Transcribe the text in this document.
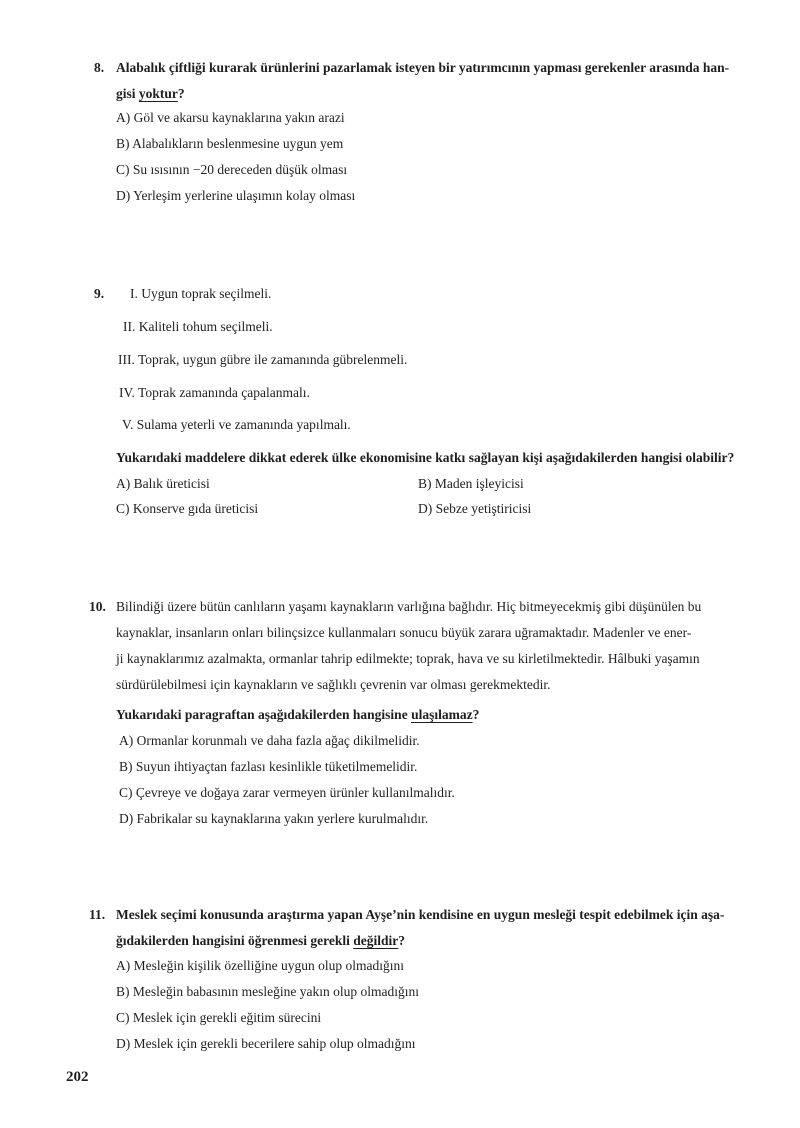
8. Alabalık çiftliği kurarak ürünlerini pazarlamak isteyen bir yatırımcının yapması gerekenler arasında han-
gisi yoktur?
A) Göl ve akarsu kaynaklarına yakın arazi
B) Alabalıkların beslenmesine uygun yem
C) Su ısısının −20 dereceden düşük olması
D) Yerleşim yerlerine ulaşımın kolay olması
9. I. Uygun toprak seçilmeli.
II. Kaliteli tohum seçilmeli.
III. Toprak, uygun gübre ile zamanında gübrelenmeli.
IV. Toprak zamanında çapalanmalı.
V. Sulama yeterli ve zamanında yapılmalı.
Yukarıdaki maddelere dikkat ederek ülke ekonomisine katkı sağlayan kişi aşağıdakilerden hangisi olabilir?
A) Balık üreticisi	B) Maden işleyicisi
C) Konserve gıda üreticisi	D) Sebze yetiştiricisi
10. Bilindiği üzere bütün canlıların yaşamı kaynakların varlığına bağlıdır. Hiç bitmeyecekmiş gibi düşünülen bu
kaynaklar, insanların onları bilinçsizce kullanmaları sonucu büyük zarara uğramaktadır. Madenler ve ener-
ji kaynaklarımız azalmakta, ormanlar tahrip edilmekte; toprak, hava ve su kirletilmektedir. Hâlbuki yaşamın
sürdürülebilmesi için kaynakların ve sağlıklı çevrenin var olması gerekmektedir.
Yukarıdaki paragraftan aşağıdakilerden hangisine ulaşılamaz?
A) Ormanlar korunmalı ve daha fazla ağaç dikilmelidir.
B) Suyun ihtiyaçtan fazlası kesinlikle tüketilmemelidir.
C) Çevreye ve doğaya zarar vermeyen ürünler kullanılmalıdır.
D) Fabrikalar su kaynaklarına yakın yerlere kurulmalıdır.
11. Meslek seçimi konusunda araştırma yapan Ayşe’nin kendisine en uygun mesleği tespit edebilmek için aşa-
ğıdakilerden hangisini öğrenmesi gerekli değildir?
A) Mesleğin kişilik özelliğine uygun olup olmadığını
B) Mesleğin babasının mesleğine yakın olup olmadığını
C) Meslek için gerekli eğitim sürecini
D) Meslek için gerekli becerilere sahip olup olmadığını
202
